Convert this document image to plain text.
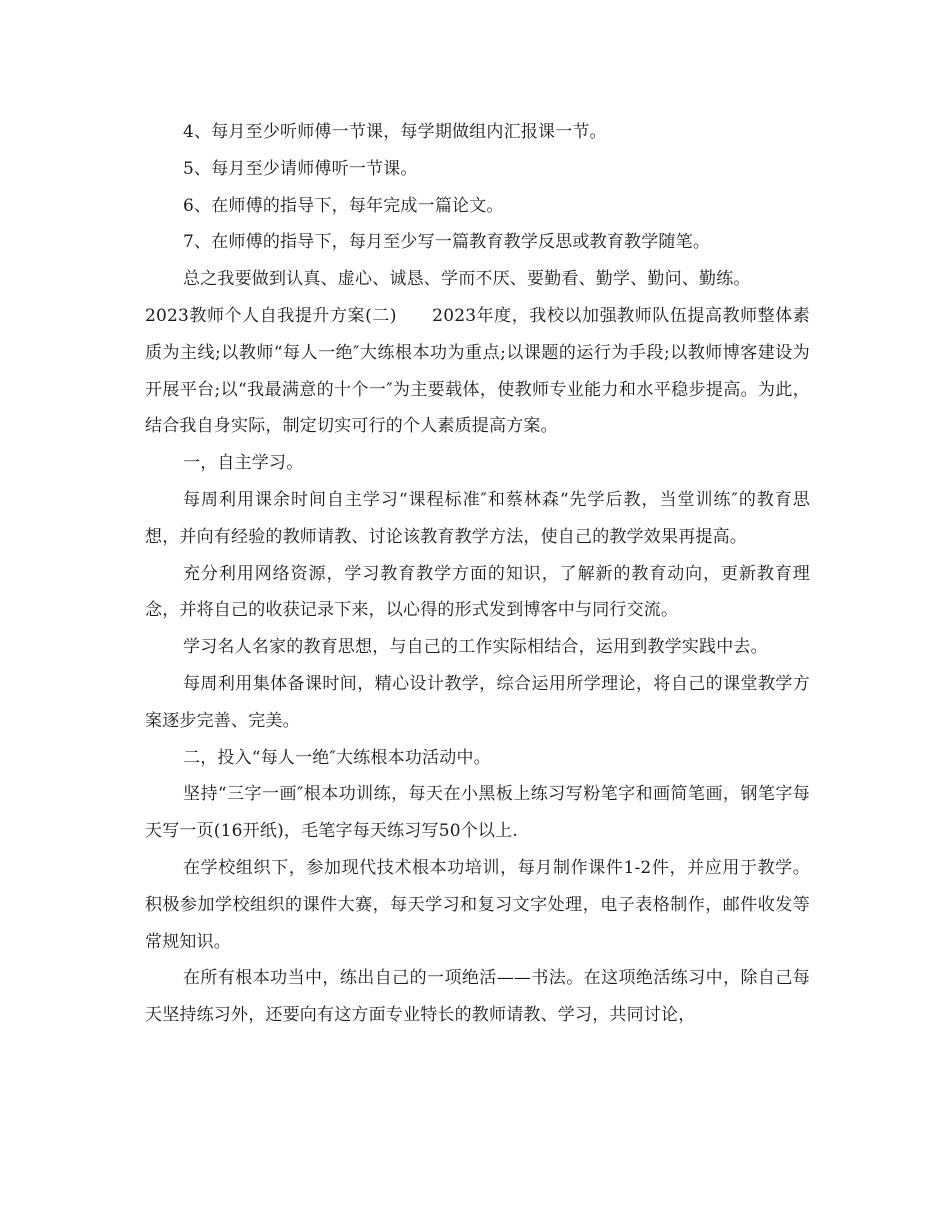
4、每月至少听师傅一节课，每学期做组内汇报课一节。

5、每月至少请师傅听一节课。

6、在师傅的指导下，每年完成一篇论文。

7、在师傅的指导下，每月至少写一篇教育教学反思或教育教学随笔。

总之我要做到认真、虚心、诚恳、学而不厌、要勤看、勤学、勤问、勤练。

2023教师个人自我提升方案(二)　　2023年度，我校以加强教师队伍提高教师整体素质为主线;以教师“每人一绝″大练根本功为重点;以课题的运行为手段;以教师博客建设为开展平台;以“我最满意的十个一″为主要载体，使教师专业能力和水平稳步提高。为此，结合我自身实际，制定切实可行的个人素质提高方案。

一，自主学习。

每周利用课余时间自主学习“课程标准″和蔡林森“先学后教，当堂训练″的教育思想，并向有经验的教师请教、讨论该教育教学方法，使自己的教学效果再提高。

充分利用网络资源，学习教育教学方面的知识，了解新的教育动向，更新教育理念，并将自己的收获记录下来，以心得的形式发到博客中与同行交流。

学习名人名家的教育思想，与自己的工作实际相结合，运用到教学实践中去。

每周利用集体备课时间，精心设计教学，综合运用所学理论，将自己的课堂教学方案逐步完善、完美。

二，投入“每人一绝″大练根本功活动中。

坚持“三字一画″根本功训练，每天在小黑板上练习写粉笔字和画简笔画，钢笔字每天写一页(16开纸)，毛笔字每天练习写50个以上.

在学校组织下，参加现代技术根本功培训，每月制作课件1-2件，并应用于教学。积极参加学校组织的课件大赛，每天学习和复习文字处理，电子表格制作，邮件收发等常规知识。

在所有根本功当中，练出自己的一项绝活——书法。在这项绝活练习中，除自己每天坚持练习外，还要向有这方面专业特长的教师请教、学习，共同讨论，
